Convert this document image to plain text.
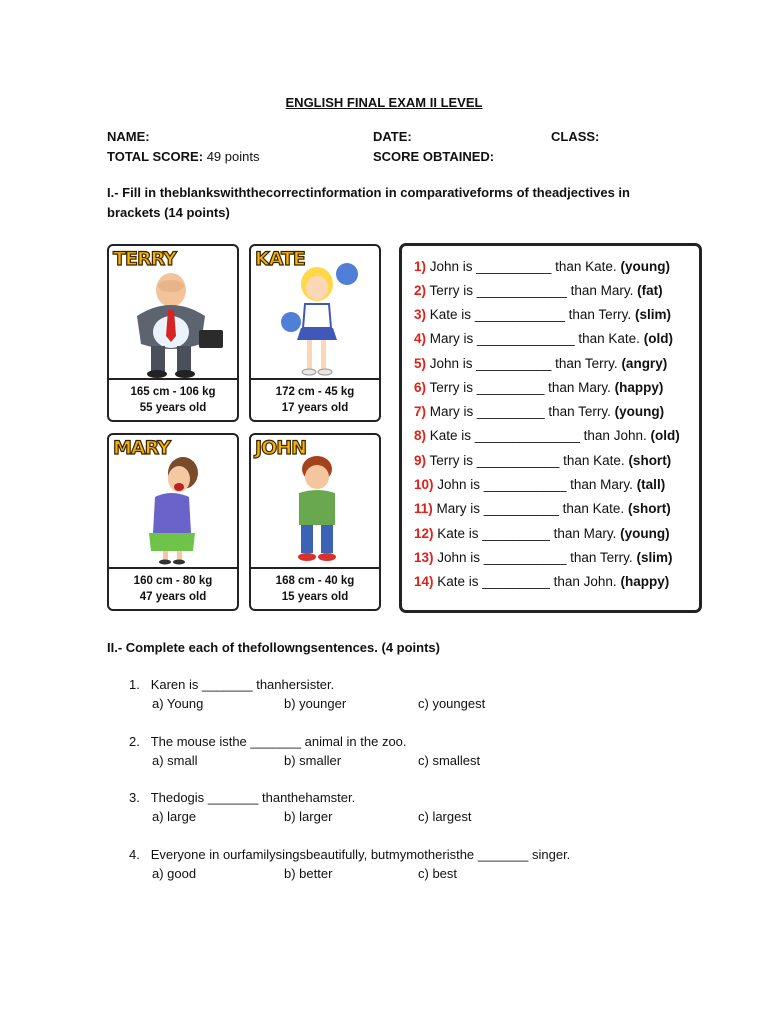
ENGLISH FINAL EXAM II LEVEL
NAME:	DATE:	CLASS:
TOTAL SCORE: 49 points	SCORE OBTAINED:
I.- Fill in theblankswiththecorrectinformation in comparativeforms of theadjectives in
brackets (14 points)
TERRY
165 cm - 106 kg
55 years old
KATE
172 cm - 45 kg
17 years old
MARY
160 cm - 80 kg
47 years old
JOHN
168 cm - 40 kg
15 years old
1) John is __________ than Kate. (young)
2) Terry is ____________ than Mary. (fat)
3) Kate is ____________ than Terry. (slim)
4) Mary is _____________ than Kate. (old)
5) John is __________ than Terry. (angry)
6) Terry is _________ than Mary. (happy)
7) Mary is _________ than Terry. (young)
8) Kate is ______________ than John. (old)
9) Terry is ___________ than Kate. (short)
10) John is ___________ than Mary. (tall)
11) Mary is __________ than Kate. (short)
12) Kate is _________ than Mary. (young)
13) John is ___________ than Terry. (slim)
14) Kate is _________ than John. (happy)
II.- Complete each of thefollowngsentences. (4 points)
1. Karen is _______ thanhersister.
a) Young	b) younger	c) youngest
2. The mouse isthe _______ animal in the zoo.
a) small	b) smaller	c) smallest
3. Thedogis _______ thanthehamster.
a) large	b) larger	c) largest
4. Everyone in ourfamilysingsbeautifully, butmymotheristhe _______ singer.
a) good	b) better	c) best
